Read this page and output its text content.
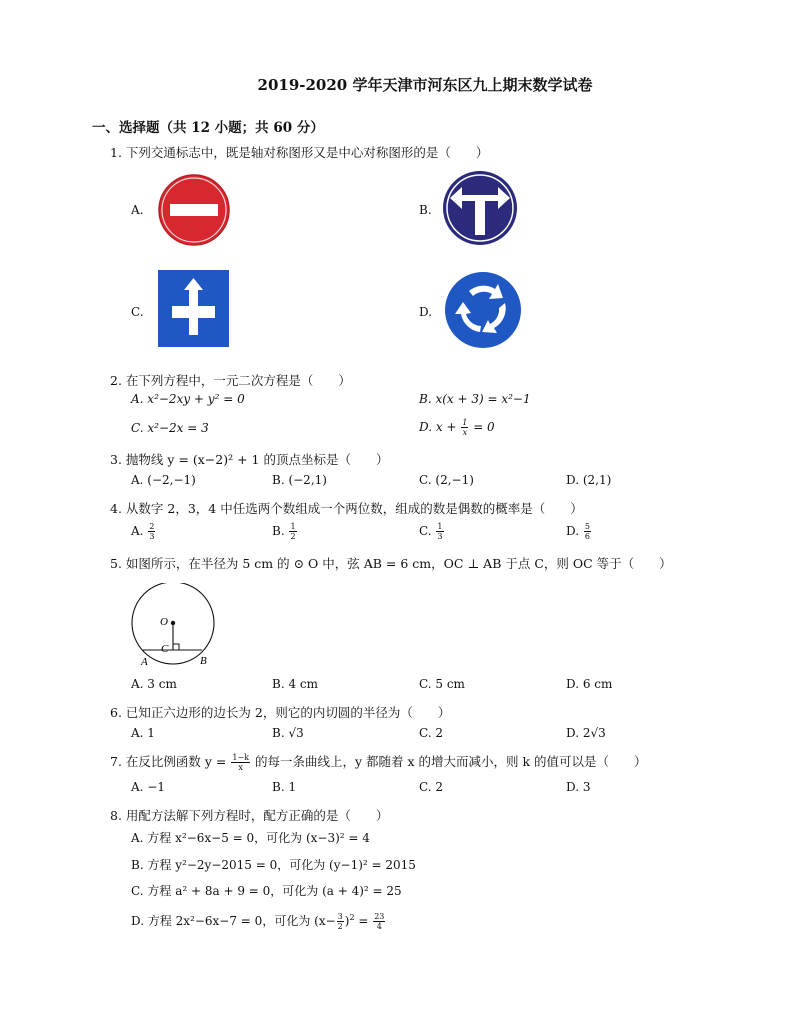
2019-2020 学年天津市河东区九上期末数学试卷
一、选择题（共 12 小题；共 60 分）
1. 下列交通标志中，既是轴对称图形又是中心对称图形的是（　　）
A.	B.
C.	D.
2. 在下列方程中，一元二次方程是（　　）
A. x²−2xy + y² = 0	B. x(x + 3) = x²−1
C. x²−2x = 3	D. $x + \frac{1}{x} = 0$
3. 抛物线 y = (x−2)² + 1 的顶点坐标是（　　）
A. (−2,−1)	B. (−2,1)	C. (2,−1)	D. (2,1)
4. 从数字 2，3，4 中任选两个数组成一个两位数，组成的数是偶数的概率是（　　）
A. $\frac{2}{3}$	B. $\frac{1}{2}$	C. $\frac{1}{3}$	D. $\frac{5}{6}$
5. 如图所示，在半径为 5 cm 的 ⊙ O 中，弦 AB = 6 cm，OC ⊥ AB 于点 C，则 OC 等于（　　）
O
C
A	B
A. 3 cm	B. 4 cm	C. 5 cm	D. 6 cm
6. 已知正六边形的边长为 2，则它的内切圆的半径为（　　）
A. 1	B. √3	C. 2	D. 2√3
7. 在反比例函数 $y = \frac{1-k}{x}$ 的每一条曲线上，y 都随着 x 的增大而减小，则 k 的值可以是（　　）
A. −1	B. 1	C. 2	D. 3
8. 用配方法解下列方程时，配方正确的是（　　）
A. 方程 x²−6x−5 = 0，可化为 (x−3)² = 4
B. 方程 y²−2y−2015 = 0，可化为 (y−1)² = 2015
C. 方程 a² + 8a + 9 = 0，可化为 (a + 4)² = 25
D. 方程 2x²−6x−7 = 0，可化为 $(x- \frac{3}{2} )^2 = \frac{23}{4}$
